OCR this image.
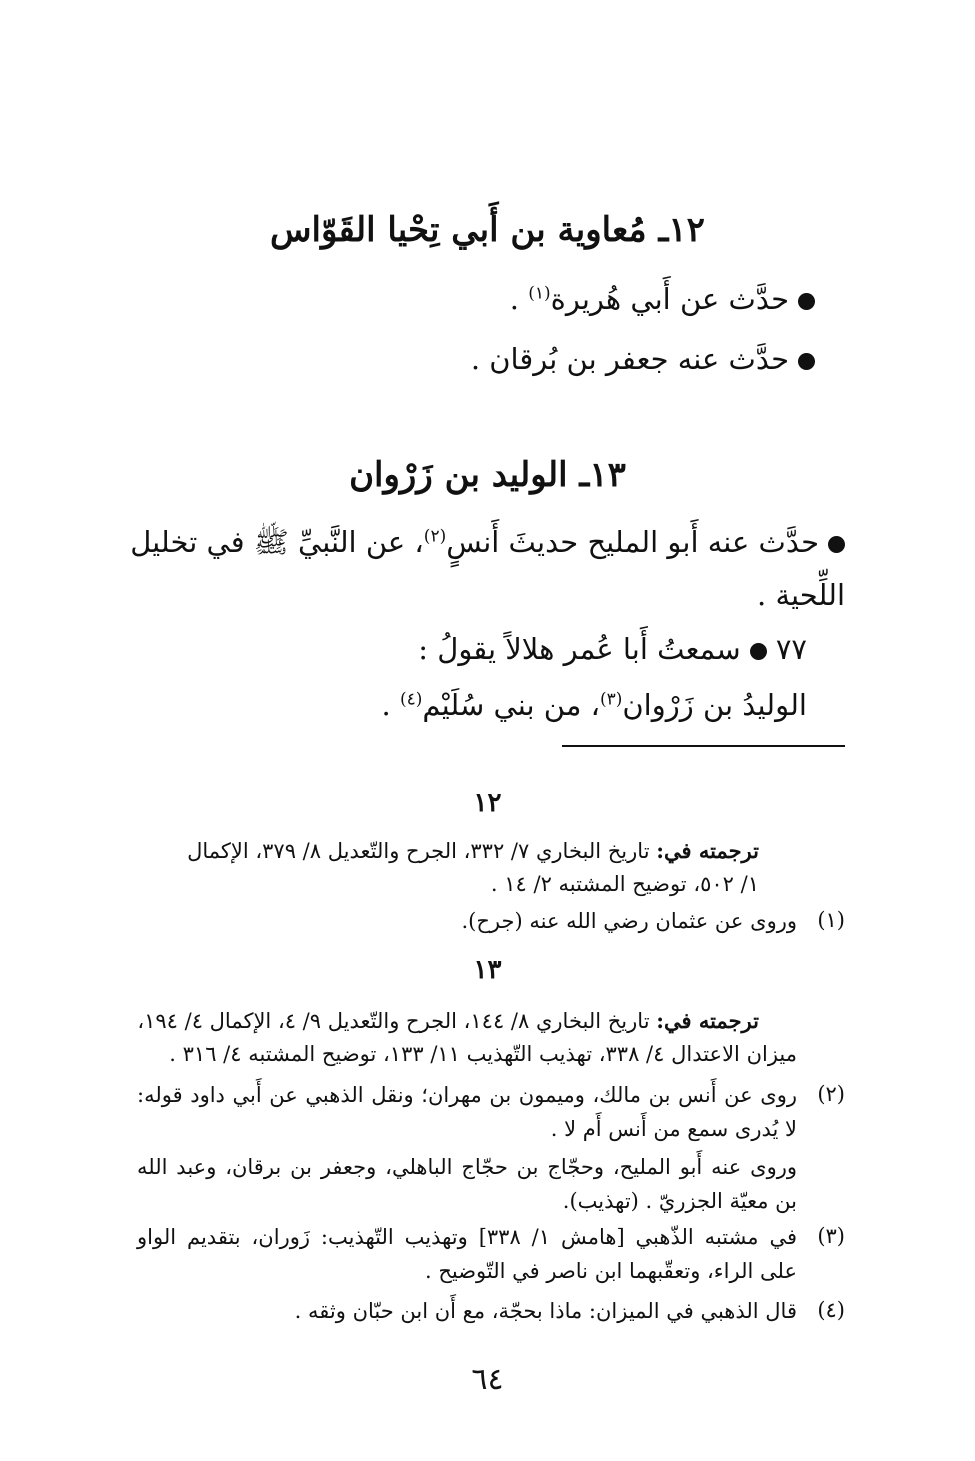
١٢ـ مُعاوية بن أَبي تِحْيا القَوّاس
حدَّث عن أَبي هُريرة$^{(١)}$ .
حدَّث عنه جعفر بن بُرقان .
١٣ـ الوليد بن زَرْوان
حدَّث عنه أَبو المليح حديثَ أَنسٍ$^{(٢)}$، عن النَّبيِّ ﷺ في تخليل
اللِّحية .
٧٧ سمعتُ أَبا عُمر هلالاً يقولُ :
الوليدُ بن زَرْوان$^{(٣)}$، من بني سُلَيْم$^{(٤)}$ .
١٢
ترجمته في: تاريخ البخاري ٧/ ٣٣٢، الجرح والتّعديل ٨/ ٣٧٩، الإكمال
١/ ٥٠٢، توضيح المشتبه ٢/ ١٤ .
(١)
وروى عن عثمان رضي الله عنه (جرح).
١٣
ترجمته في: تاريخ البخاري ٨/ ١٤٤، الجرح والتّعديل ٩/ ٤، الإكمال ٤/ ١٩٤،
ميزان الاعتدال ٤/ ٣٣٨، تهذيب التّهذيب ١١/ ١٣٣، توضيح المشتبه ٤/ ٣١٦ .
(٢)
روى عن أَنس بن مالك، وميمون بن مهران؛ ونقل الذهبي عن أَبي داود قوله: لا يُدرى سمع من أَنس أَم لا .
وروى عنه أَبو المليح، وحجّاج بن حجّاج الباهلي، وجعفر بن برقان، وعبد الله بن معيّة الجزريّ . (تهذيب).
(٣)
في مشتبه الذّهبي [هامش ١/ ٣٣٨] وتهذيب التّهذيب: زَوران، بتقديم الواو على الراء، وتعقّبهما ابن ناصر في التّوضيح .
(٤)
قال الذهبي في الميزان: ماذا بحجّة، مع أَن ابن حبّان وثقه .
٦٤
